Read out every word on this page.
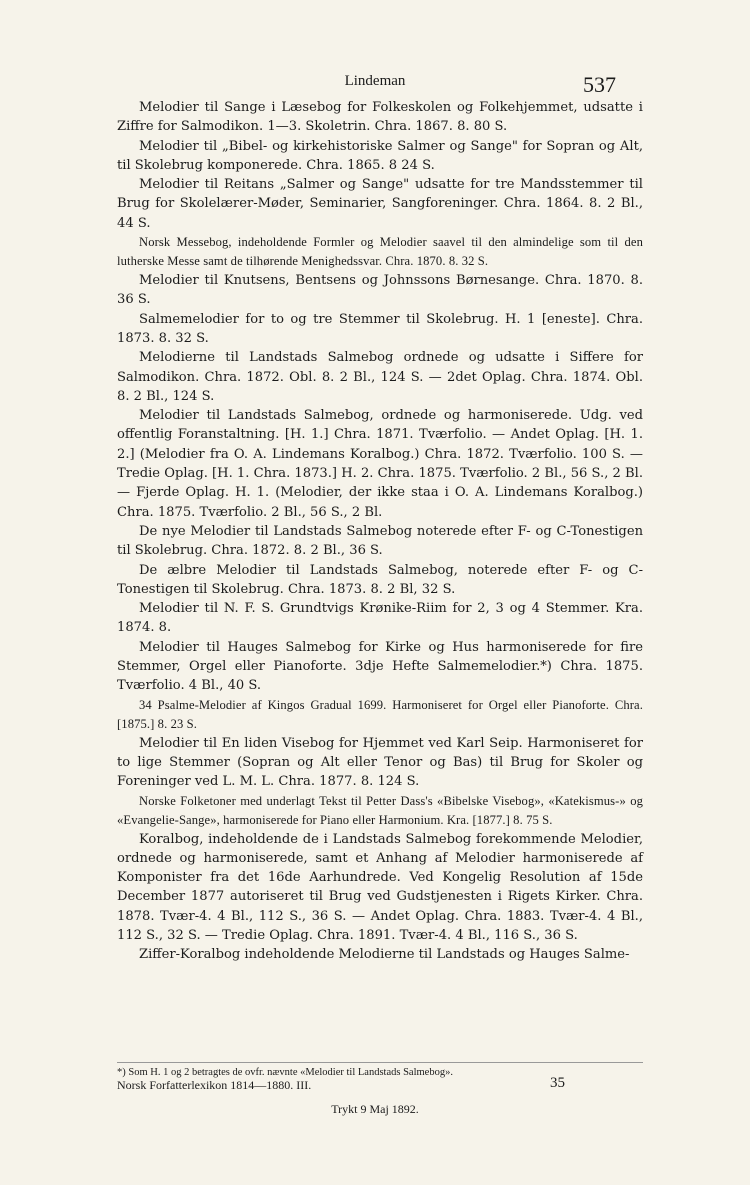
Lindeman	537

Melodier til Sange i Læsebog for Folkeskolen og Folkehjemmet, udsatte i Ziffre for Salmodikon. 1—3. Skoletrin. Chra. 1867. 8. 80 S.

Melodier til „Bibel- og kirkehistoriske Salmer og Sange" for Sopran og Alt, til Skolebrug komponerede. Chra. 1865. 8 24 S.

Melodier til Reitans „Salmer og Sange" udsatte for tre Mandsstemmer til Brug for Skolelærer-Møder, Seminarier, Sangforeninger. Chra. 1864. 8. 2 Bl., 44 S.

Norsk Messebog, indeholdende Formler og Melodier saavel til den almindelige som til den lutherske Messe samt de tilhørende Menighedssvar. Chra. 1870. 8. 32 S.

Melodier til Knutsens, Bentsens og Johnssons Børnesange. Chra. 1870. 8. 36 S.

Salmemelodier for to og tre Stemmer til Skolebrug. H. 1 [eneste]. Chra. 1873. 8. 32 S.

Melodierne til Landstads Salmebog ordnede og udsatte i Siffere for Salmodikon. Chra. 1872. Obl. 8. 2 Bl., 124 S. — 2det Oplag. Chra. 1874. Obl. 8. 2 Bl., 124 S.

Melodier til Landstads Salmebog, ordnede og harmoniserede. Udg. ved offentlig Foranstaltning. [H. 1.] Chra. 1871. Tværfolio. — Andet Oplag. [H. 1. 2.] (Melodier fra O. A. Lindemans Koralbog.) Chra. 1872. Tværfolio. 100 S. — Tredie Oplag. [H. 1. Chra. 1873.] H. 2. Chra. 1875. Tværfolio. 2 Bl., 56 S., 2 Bl. — Fjerde Oplag. H. 1. (Melodier, der ikke staa i O. A. Lindemans Koralbog.) Chra. 1875. Tværfolio. 2 Bl., 56 S., 2 Bl.

De nye Melodier til Landstads Salmebog noterede efter F- og C-Tonestigen til Skolebrug. Chra. 1872. 8. 2 Bl., 36 S.

De ælbre Melodier til Landstads Salmebog, noterede efter F- og C-Tonestigen til Skolebrug. Chra. 1873. 8. 2 Bl, 32 S.

Melodier til N. F. S. Grundtvigs Krønike-Riim for 2, 3 og 4 Stemmer. Kra. 1874. 8.

Melodier til Hauges Salmebog for Kirke og Hus harmoniserede for fire Stemmer, Orgel eller Pianoforte. 3dje Hefte Salmemelodier.*) Chra. 1875. Tværfolio. 4 Bl., 40 S.

34 Psalme-Melodier af Kingos Gradual 1699. Harmoniseret for Orgel eller Pianoforte. Chra. [1875.] 8. 23 S.

Melodier til En liden Visebog for Hjemmet ved Karl Seip. Harmoniseret for to lige Stemmer (Sopran og Alt eller Tenor og Bas) til Brug for Skoler og Foreninger ved L. M. L. Chra. 1877. 8. 124 S.

Norske Folketoner med underlagt Tekst til Petter Dass's «Bibelske Visebog», «Katekismus-» og «Evangelie-Sange», harmoniserede for Piano eller Harmonium. Kra. [1877.] 8. 75 S.

Koralbog, indeholdende de i Landstads Salmebog forekommende Melodier, ordnede og harmoniserede, samt et Anhang af Melodier harmoniserede af Komponister fra det 16de Aarhundrede. Ved Kongelig Resolution af 15de December 1877 autoriseret til Brug ved Gudstjenesten i Rigets Kirker. Chra. 1878. Tvær-4. 4 Bl., 112 S., 36 S. — Andet Oplag. Chra. 1883. Tvær-4. 4 Bl., 112 S., 32 S. — Tredie Oplag. Chra. 1891. Tvær-4. 4 Bl., 116 S., 36 S.

Ziffer-Koralbog indeholdende Melodierne til Landstads og Hauges Salme-

*) Som H. 1 og 2 betragtes de ovfr. nævnte «Melodier til Landstads Salmebog».
Norsk Forfatterlexikon 1814—1880. III.	35
Trykt 9 Maj 1892.
